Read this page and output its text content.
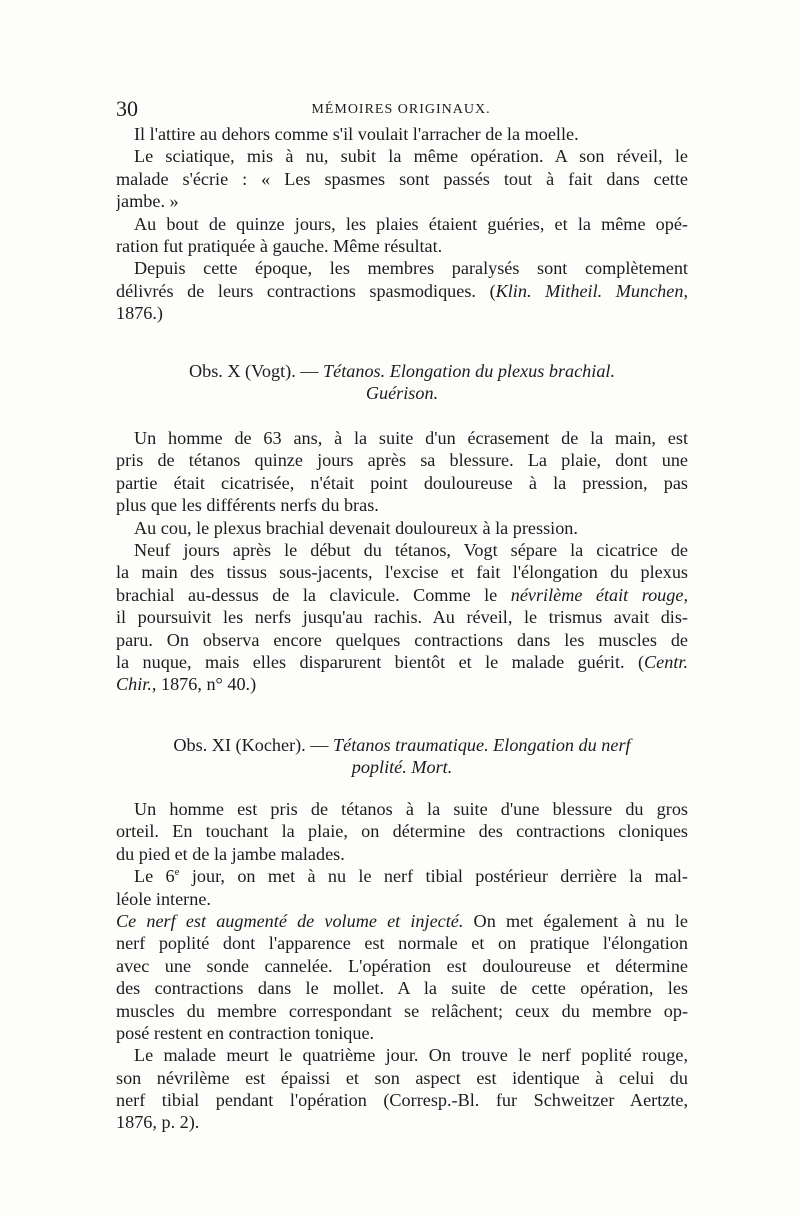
30	MÉMOIRES ORIGINAUX.
Il l'attire au dehors comme s'il voulait l'arracher de la moelle.
Le sciatique, mis à nu, subit la même opération. A son réveil, le
malade s'écrie : « Les spasmes sont passés tout à fait dans cette
jambe. »
Au bout de quinze jours, les plaies étaient guéries, et la même opé-
ration fut pratiquée à gauche. Même résultat.
Depuis cette époque, les membres paralysés sont complètement
délivrés de leurs contractions spasmodiques. (Klin. Mitheil. Munchen,
1876.)
Obs. X (Vogt). — Tétanos. Elongation du plexus brachial.
Guérison.
Un homme de 63 ans, à la suite d'un écrasement de la main, est
pris de tétanos quinze jours après sa blessure. La plaie, dont une
partie était cicatrisée, n'était point douloureuse à la pression, pas
plus que les différents nerfs du bras.
Au cou, le plexus brachial devenait douloureux à la pression.
Neuf jours après le début du tétanos, Vogt sépare la cicatrice de
la main des tissus sous-jacents, l'excise et fait l'élongation du plexus
brachial au-dessus de la clavicule. Comme le névrilème était rouge,
il poursuivit les nerfs jusqu'au rachis. Au réveil, le trismus avait dis-
paru. On observa encore quelques contractions dans les muscles de
la nuque, mais elles disparurent bientôt et le malade guérit. (Centr.
Chir., 1876, n° 40.)
Obs. XI (Kocher). — Tétanos traumatique. Elongation du nerf
poplité. Mort.
Un homme est pris de tétanos à la suite d'une blessure du gros
orteil. En touchant la plaie, on détermine des contractions cloniques
du pied et de la jambe malades.
Le 6e jour, on met à nu le nerf tibial postérieur derrière la mal-
léole interne.
Ce nerf est augmenté de volume et injecté. On met également à nu le
nerf poplité dont l'apparence est normale et on pratique l'élongation
avec une sonde cannelée. L'opération est douloureuse et détermine
des contractions dans le mollet. A la suite de cette opération, les
muscles du membre correspondant se relâchent; ceux du membre op-
posé restent en contraction tonique.
Le malade meurt le quatrième jour. On trouve le nerf poplité rouge,
son névrilème est épaissi et son aspect est identique à celui du
nerf tibial pendant l'opération (Corresp.-Bl. fur Schweitzer Aertzte,
1876, p. 2).
